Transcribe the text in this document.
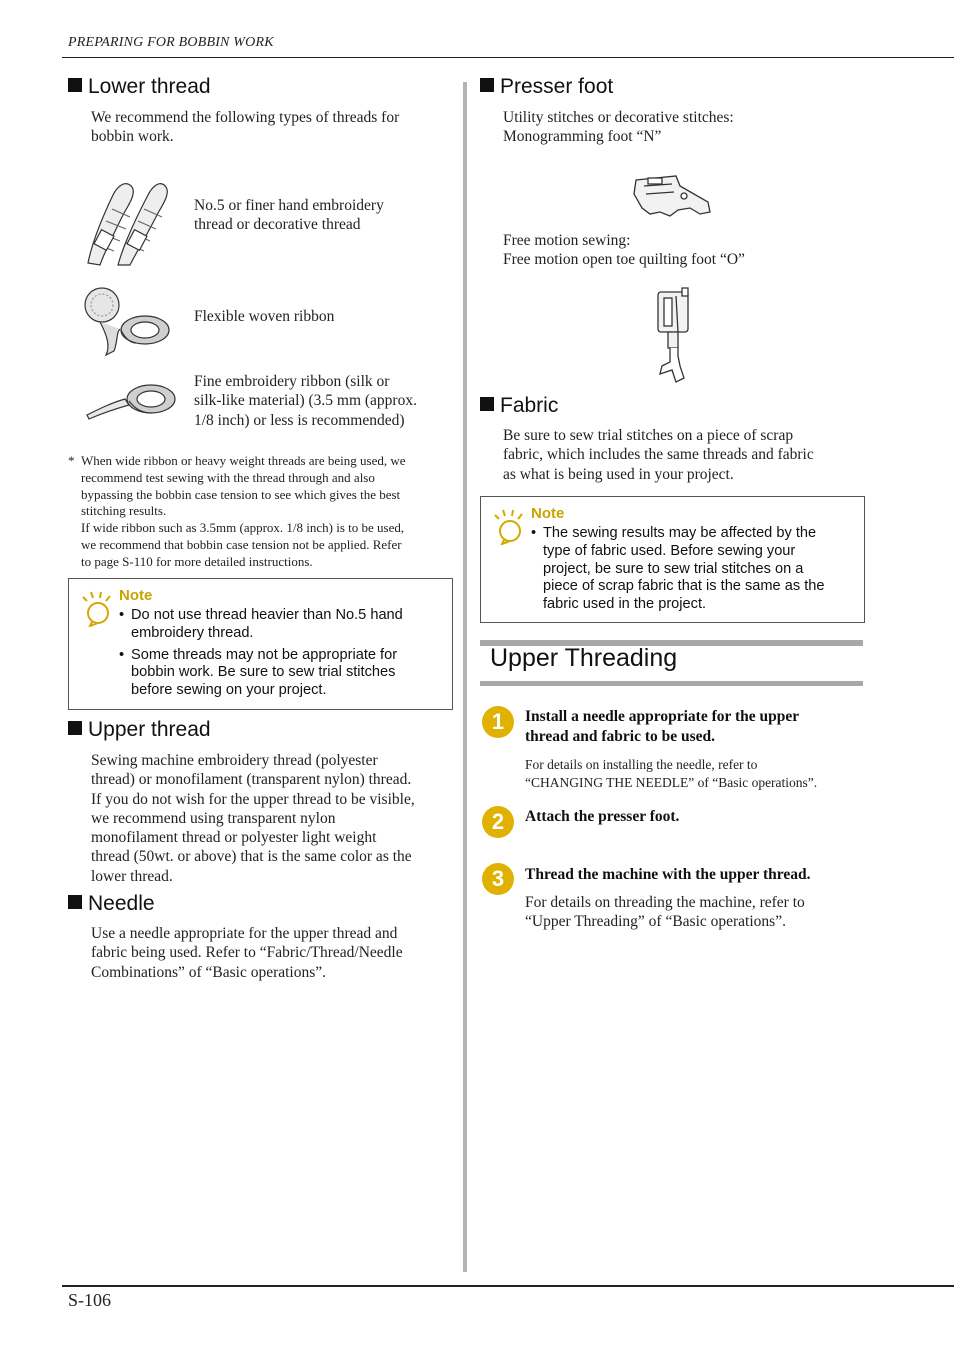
PREPARING FOR BOBBIN WORK
S-106
Lower thread
We recommend the following types of threads for
bobbin work.
No.5 or finer hand embroidery
thread or decorative thread
Flexible woven ribbon
Fine embroidery ribbon (silk or
silk-like material) (3.5 mm (approx.
1/8 inch) or less is recommended)
* When wide ribbon or heavy weight threads are being used, we
recommend test sewing with the thread through and also
bypassing the bobbin case tension to see which gives the best
stitching results.
If wide ribbon such as 3.5mm (approx. 1/8 inch) is to be used,
we recommend that bobbin case tension not be applied. Refer
to page S-110 for more detailed instructions.
Note
• Do not use thread heavier than No.5 hand
embroidery thread.
• Some threads may not be appropriate for
bobbin work. Be sure to sew trial stitches
before sewing on your project.
Upper thread
Sewing machine embroidery thread (polyester
thread) or monofilament (transparent nylon) thread.
If you do not wish for the upper thread to be visible,
we recommend using transparent nylon
monofilament thread or polyester light weight
thread (50wt. or above) that is the same color as the
lower thread.
Needle
Use a needle appropriate for the upper thread and
fabric being used. Refer to “Fabric/Thread/Needle
Combinations” of “Basic operations”.
Presser foot
Utility stitches or decorative stitches:
Monogramming foot “N”
Free motion sewing:
Free motion open toe quilting foot “O”
Fabric
Be sure to sew trial stitches on a piece of scrap
fabric, which includes the same threads and fabric
as what is being used in your project.
Note
• The sewing results may be affected by the
type of fabric used. Before sewing your
project, be sure to sew trial stitches on a
piece of scrap fabric that is the same as the
fabric used in the project.
Upper Threading
1	Install a needle appropriate for the upper
thread and fabric to be used.
For details on installing the needle, refer to
“CHANGING THE NEEDLE” of “Basic operations”.
2	Attach the presser foot.
3	Thread the machine with the upper thread.
For details on threading the machine, refer to
“Upper Threading” of “Basic operations”.
